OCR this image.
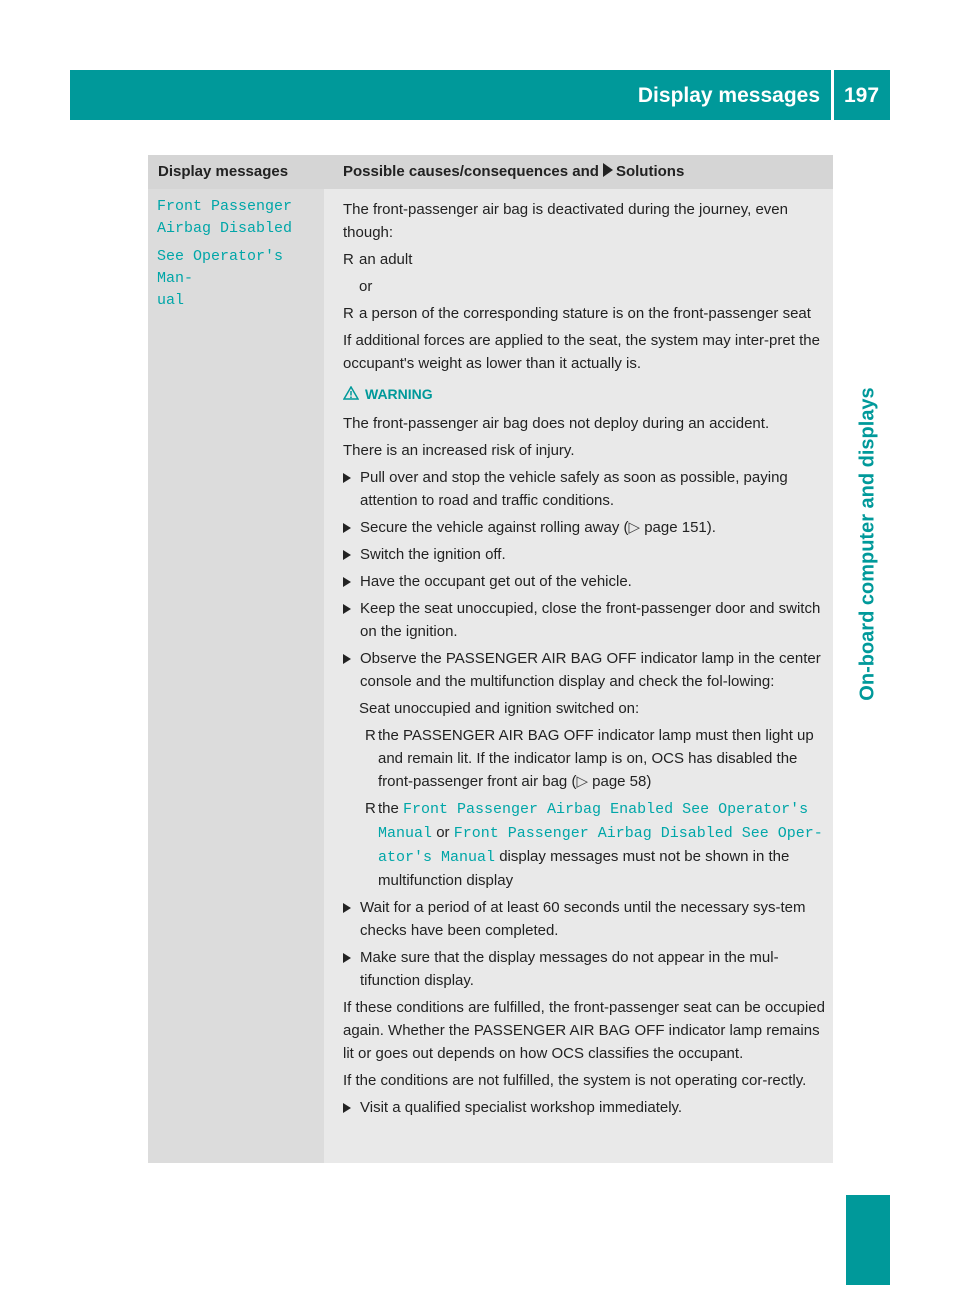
Display messages 197
On-board computer and displays
Display messages	Possible causes/consequences and Solutions

Front Passenger
Airbag Disabled

See Operator's Man‐
ual

The front-passenger air bag is deactivated during the journey, even though:

R an adult

or

R a person of the corresponding stature is on the front-passenger seat

If additional forces are applied to the seat, the system may inter-pret the occupant's weight as lower than it actually is.

WARNING

The front-passenger air bag does not deploy during an accident.

There is an increased risk of injury.

Pull over and stop the vehicle safely as soon as possible, paying attention to road and traffic conditions.
Secure the vehicle against rolling away (▷ page 151).
Switch the ignition off.
Have the occupant get out of the vehicle.
Keep the seat unoccupied, close the front-passenger door and switch on the ignition.
Observe the PASSENGER AIR BAG OFF indicator lamp in the center console and the multifunction display and check the fol-lowing:

Seat unoccupied and ignition switched on:

R the PASSENGER AIR BAG OFF indicator lamp must then light up and remain lit. If the indicator lamp is on, OCS has disabled the front-passenger front air bag (▷ page 58)
R the Front Passenger Airbag Enabled See Operator's Manual or Front Passenger Airbag Disabled See Oper‐ator's Manual display messages must not be shown in the multifunction display
Wait for a period of at least 60 seconds until the necessary sys-tem checks have been completed.
Make sure that the display messages do not appear in the mul-tifunction display.

If these conditions are fulfilled, the front-passenger seat can be occupied again. Whether the PASSENGER AIR BAG OFF indicator lamp remains lit or goes out depends on how OCS classifies the occupant.

If the conditions are not fulfilled, the system is not operating cor-rectly.

Visit a qualified specialist workshop immediately.
